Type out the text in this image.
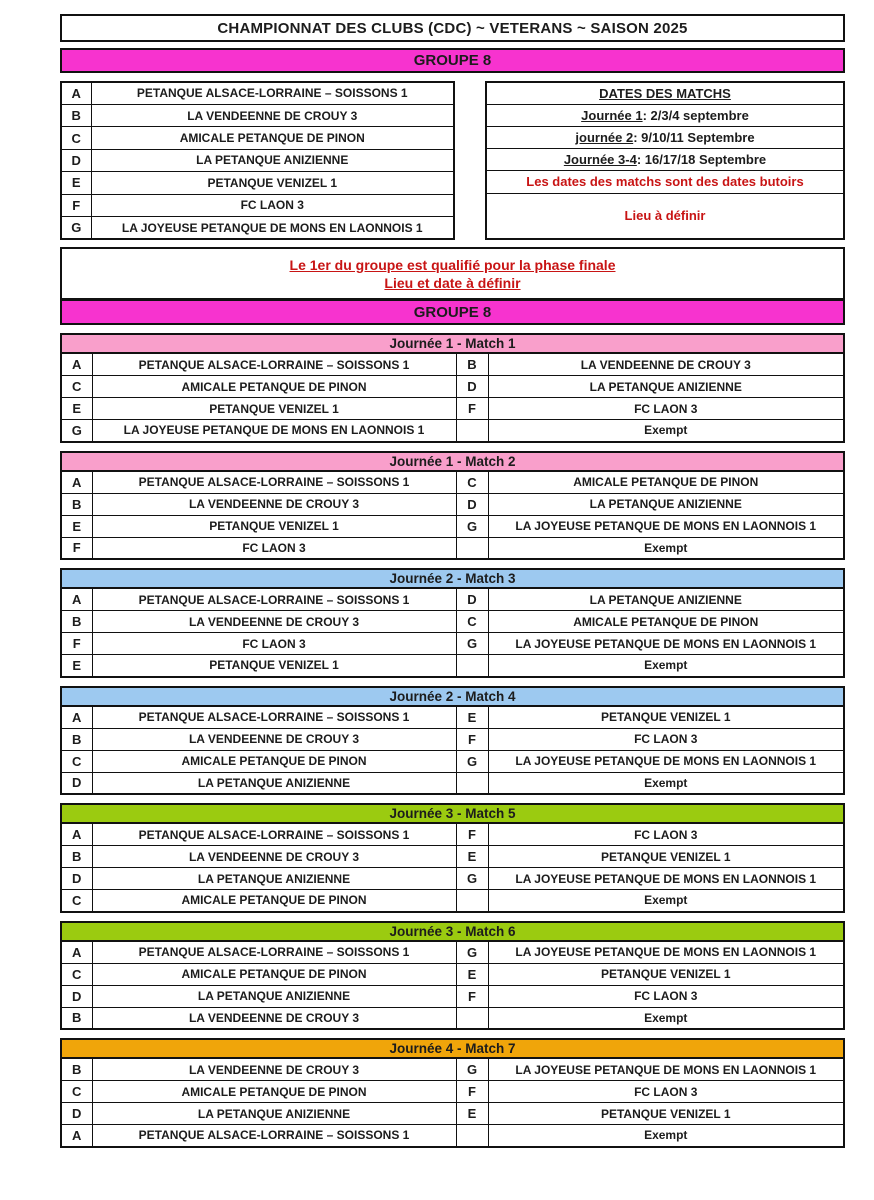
CHAMPIONNAT DES CLUBS (CDC) ~ VETERANS ~ SAISON 2025
GROUPE 8
A	PETANQUE ALSACE-LORRAINE – SOISSONS 1
B	LA VENDEENNE DE CROUY 3
C	AMICALE PETANQUE DE PINON
D	LA PETANQUE ANIZIENNE
E	PETANQUE VENIZEL 1
F	FC LAON 3
G	LA JOYEUSE PETANQUE DE MONS EN LAONNOIS 1
DATES DES MATCHS
Journée 1: 2/3/4 septembre
journée 2: 9/10/11 Septembre
Journée 3-4: 16/17/18 Septembre
Les dates des matchs sont des dates butoirs
Lieu à définir
Le 1er du groupe est qualifié pour la phase finale
Lieu et date à définir
GROUPE 8
Journée 1 - Match 1
A	PETANQUE ALSACE-LORRAINE – SOISSONS 1	B	LA VENDEENNE DE CROUY 3
C	AMICALE PETANQUE DE PINON	D	LA PETANQUE ANIZIENNE
E	PETANQUE VENIZEL 1	F	FC LAON 3
G	LA JOYEUSE PETANQUE DE MONS EN LAONNOIS 1		Exempt
Journée 1 - Match 2
A	PETANQUE ALSACE-LORRAINE – SOISSONS 1	C	AMICALE PETANQUE DE PINON
B	LA VENDEENNE DE CROUY 3	D	LA PETANQUE ANIZIENNE
E	PETANQUE VENIZEL 1	G	LA JOYEUSE PETANQUE DE MONS EN LAONNOIS 1
F	FC LAON 3		Exempt
Journée 2 - Match 3
A	PETANQUE ALSACE-LORRAINE – SOISSONS 1	D	LA PETANQUE ANIZIENNE
B	LA VENDEENNE DE CROUY 3	C	AMICALE PETANQUE DE PINON
F	FC LAON 3	G	LA JOYEUSE PETANQUE DE MONS EN LAONNOIS 1
E	PETANQUE VENIZEL 1		Exempt
Journée 2 - Match 4
A	PETANQUE ALSACE-LORRAINE – SOISSONS 1	E	PETANQUE VENIZEL 1
B	LA VENDEENNE DE CROUY 3	F	FC LAON 3
C	AMICALE PETANQUE DE PINON	G	LA JOYEUSE PETANQUE DE MONS EN LAONNOIS 1
D	LA PETANQUE ANIZIENNE		Exempt
Journée 3 - Match 5
A	PETANQUE ALSACE-LORRAINE – SOISSONS 1	F	FC LAON 3
B	LA VENDEENNE DE CROUY 3	E	PETANQUE VENIZEL 1
D	LA PETANQUE ANIZIENNE	G	LA JOYEUSE PETANQUE DE MONS EN LAONNOIS 1
C	AMICALE PETANQUE DE PINON		Exempt
Journée 3 - Match 6
A	PETANQUE ALSACE-LORRAINE – SOISSONS 1	G	LA JOYEUSE PETANQUE DE MONS EN LAONNOIS 1
C	AMICALE PETANQUE DE PINON	E	PETANQUE VENIZEL 1
D	LA PETANQUE ANIZIENNE	F	FC LAON 3
B	LA VENDEENNE DE CROUY 3		Exempt
Journée 4 - Match 7
B	LA VENDEENNE DE CROUY 3	G	LA JOYEUSE PETANQUE DE MONS EN LAONNOIS 1
C	AMICALE PETANQUE DE PINON	F	FC LAON 3
D	LA PETANQUE ANIZIENNE	E	PETANQUE VENIZEL 1
A	PETANQUE ALSACE-LORRAINE – SOISSONS 1		Exempt
